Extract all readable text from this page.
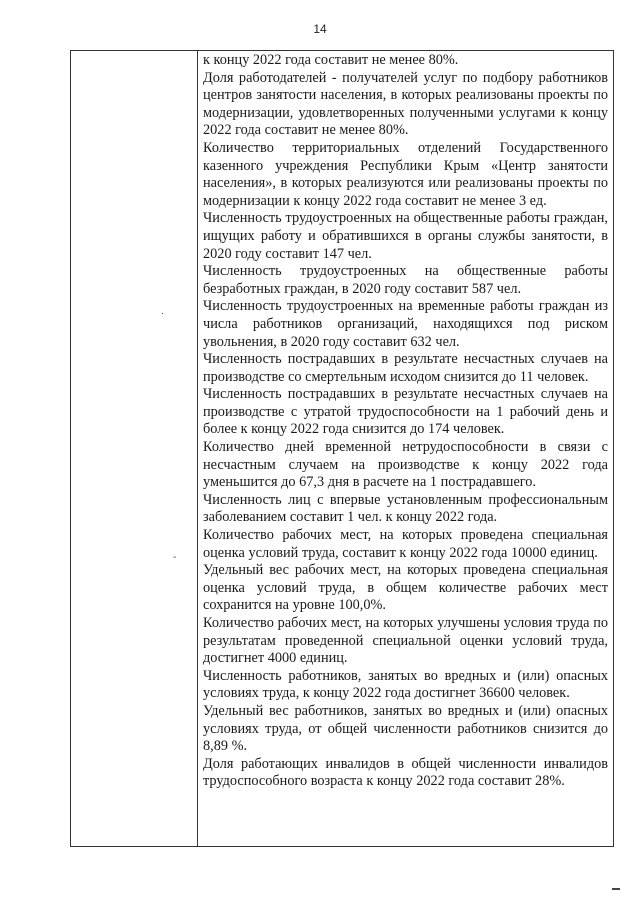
14
.
-

к концу 2022 года составит не менее 80%.

Доля работодателей - получателей услуг по подбору работников центров занятости населения, в которых реализованы проекты по модернизации, удовлетворенных полученными услугами к концу 2022 года составит не менее 80%.

Количество территориальных отделений Государственного казенного учреждения Республики Крым «Центр занятости населения», в которых реализуются или реализованы проекты по модернизации к концу 2022 года составит не менее 3 ед.

Численность трудоустроенных на общественные работы граждан, ищущих работу и обратившихся в органы службы занятости, в 2020 году составит 147 чел.

Численность трудоустроенных на общественные работы безработных граждан, в 2020 году составит 587 чел.

Численность трудоустроенных на временные работы граждан из числа работников организаций, находящихся под риском увольнения, в 2020 году составит 632 чел.

Численность пострадавших в результате несчастных случаев на производстве со смертельным исходом снизится до 11 человек.

Численность пострадавших в результате несчастных случаев на производстве с утратой трудоспособности на 1 рабочий день и более к концу 2022 года снизится до 174 человек.

Количество дней временной нетрудоспособности в связи с несчастным случаем на производстве к концу 2022 года уменьшится до 67,3 дня в расчете на 1 пострадавшего.

Численность лиц с впервые установленным профессиональным заболеванием составит 1 чел. к концу 2022 года.

Количество рабочих мест, на которых проведена специальная оценка условий труда, составит к концу 2022 года 10000 единиц.

Удельный вес рабочих мест, на которых проведена специальная оценка условий труда, в общем количестве рабочих мест сохранится на уровне 100,0%.

Количество рабочих мест, на которых улучшены условия труда по результатам проведенной специальной оценки условий труда, достигнет 4000 единиц.

Численность работников, занятых во вредных и (или) опасных условиях труда, к концу 2022 года достигнет 36600 человек.

Удельный вес работников, занятых во вредных и (или) опасных условиях труда, от общей численности работников снизится до 8,89 %.

Доля работающих инвалидов в общей численности инвалидов трудоспособного возраста к концу 2022 года составит 28%.
